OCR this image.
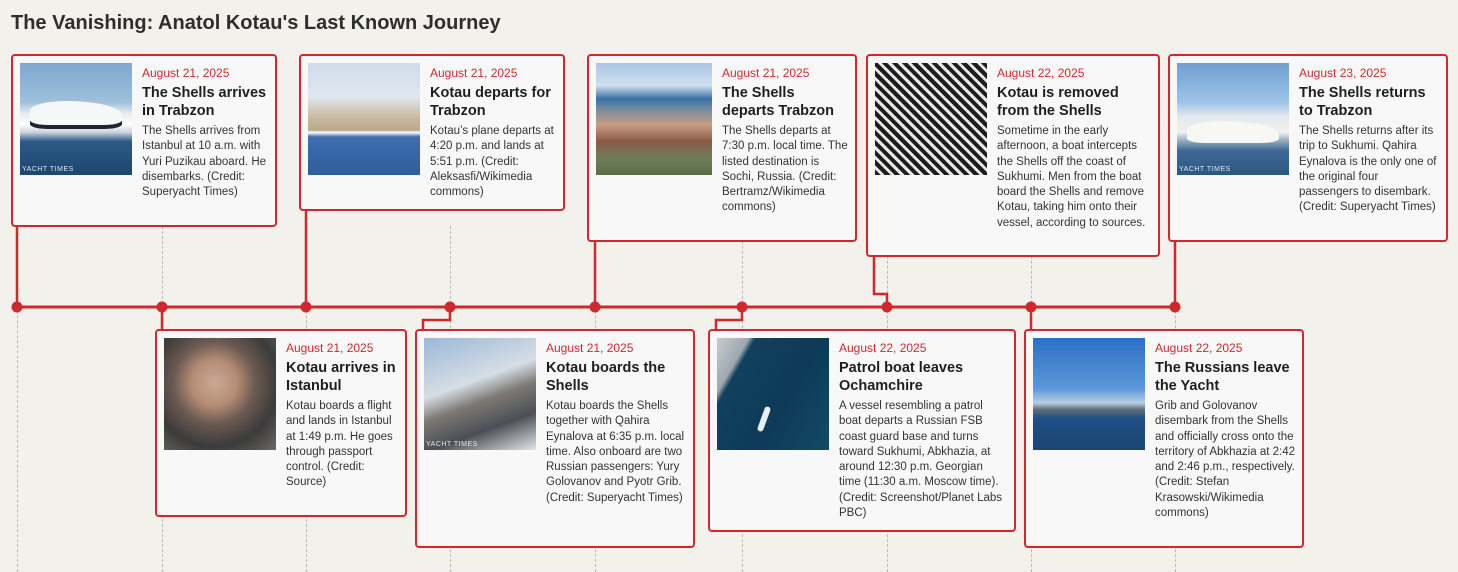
The Vanishing: Anatol Kotau's Last Known Journey
YACHT TIMES
August 21, 2025
The Shells arrives in Trabzon
The Shells arrives from Istanbul at 10 a.m. with Yuri Puzikau aboard. He disembarks. (Credit: Superyacht Times)
August 21, 2025
Kotau departs for Trabzon
Kotau’s plane departs at 4:20 p.m. and lands at 5:51 p.m. (Credit: Aleksasfi/Wikimedia commons)
August 21, 2025
The Shells departs Trabzon
The Shells departs at 7:30 p.m. local time. The listed destination is Sochi, Russia. (Credit: Bertramz/Wikimedia commons)
August 22, 2025
Kotau is removed from the Shells
Sometime in the early afternoon, a boat intercepts the Shells off the coast of Sukhumi. Men from the boat board the Shells and remove Kotau, taking him onto their vessel, according to sources.
YACHT TIMES
August 23, 2025
The Shells returns to Trabzon
The Shells returns after its trip to Sukhumi. Qahira Eynalova is the only one of the original four passengers to disembark. (Credit: Superyacht Times)
August 21, 2025
Kotau arrives in Istanbul
Kotau boards a flight and lands in Istanbul at 1:49 p.m. He goes through passport control. (Credit: Source)
YACHT TIMES
August 21, 2025
Kotau boards the Shells
Kotau boards the Shells together with Qahira Eynalova at 6:35 p.m. local time. Also onboard are two Russian passengers: Yury Golovanov and Pyotr Grib. (Credit: Superyacht Times)
August 22, 2025
Patrol boat leaves Ochamchire
A vessel resembling a patrol boat departs a Russian FSB coast guard base and turns toward Sukhumi, Abkhazia, at around 12:30 p.m. Georgian time (11:30 a.m. Moscow time). (Credit: Screenshot/Planet Labs PBC)
August 22, 2025
The Russians leave the Yacht
Grib and Golovanov disembark from the Shells and officially cross onto the territory of Abkhazia at 2:42 and 2:46 p.m., respectively. (Credit: Stefan Krasowski/Wikimedia commons)
